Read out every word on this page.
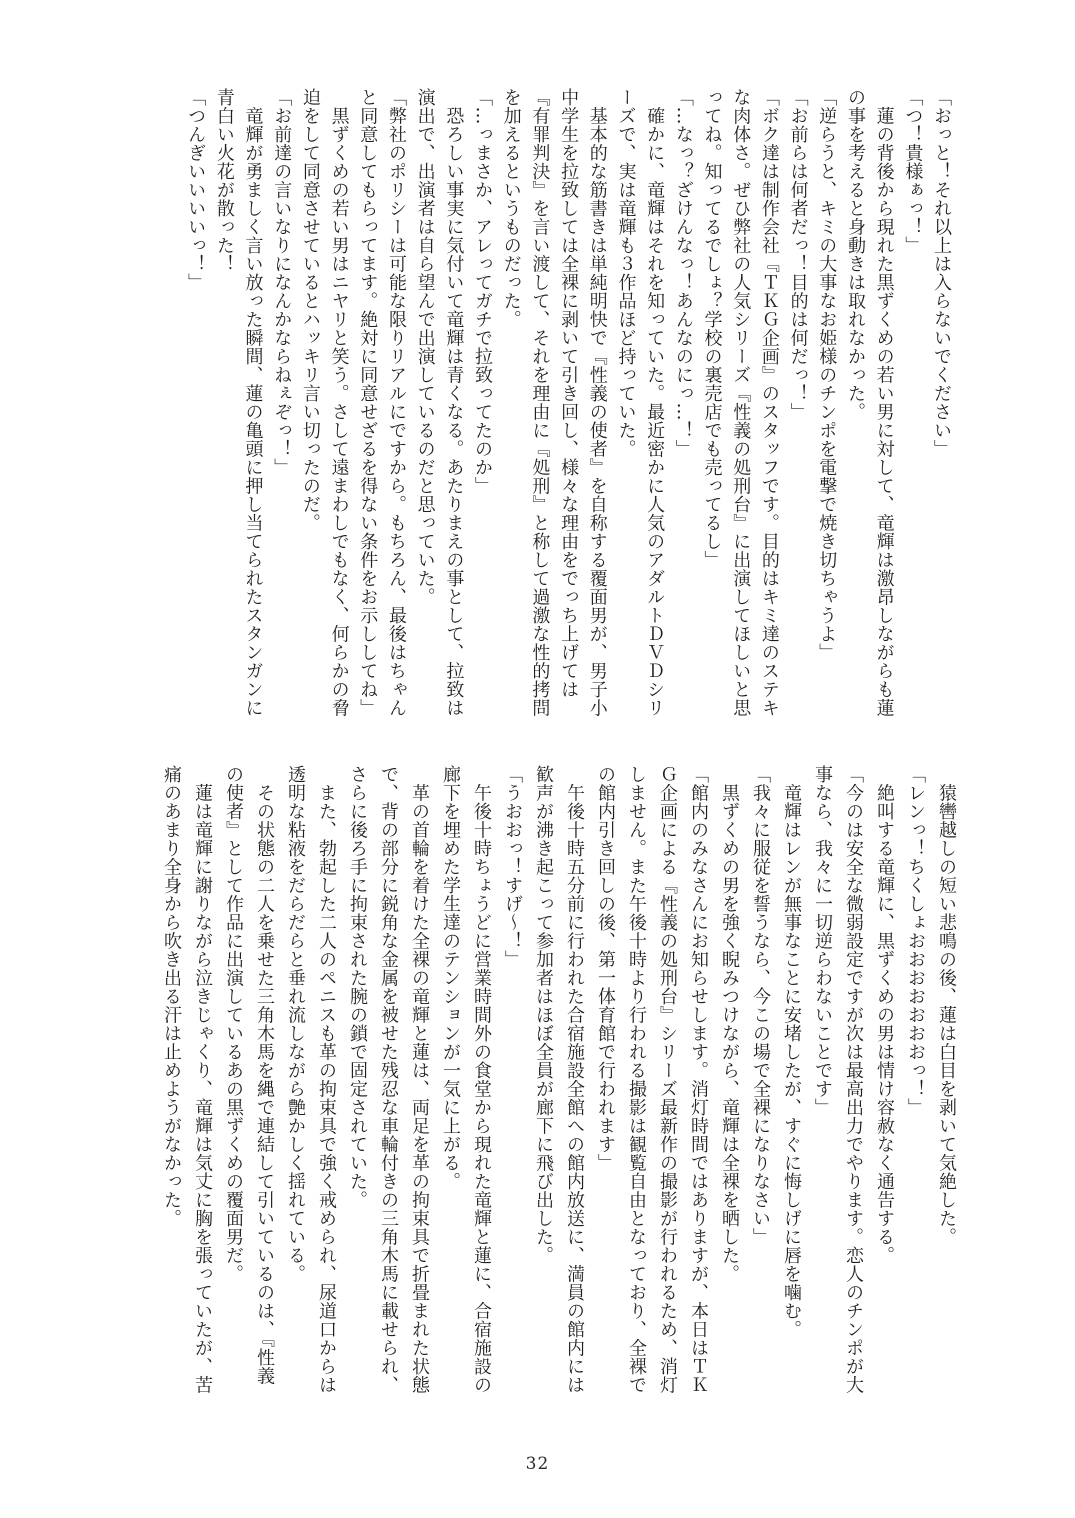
「おっと！それ以上は入らないでください」
「つ！貴様ぁっ！」
　蓮の背後から現れた黒ずくめの若い男に対して、竜輝は激昂しながらも蓮
の事を考えると身動きは取れなかった。
「逆らうと、キミの大事なお姫様のチンポを電撃で焼き切ちゃうよ」
「お前らは何者だっ！目的は何だっ！」
「ボク達は制作会社『ＴＫＧ企画』のスタッフです。目的はキミ達のステキ
な肉体さ。ぜひ弊社の人気シリーズ『性義の処刑台』に出演してほしいと思
ってね。知ってるでしょ？学校の裏売店でも売ってるし」
「…なっ？ざけんなっ！あんなのにっ…！」
　確かに、竜輝はそれを知っていた。最近密かに人気のアダルトＤＶＤシリ
ーズで、実は竜輝も３作品ほど持っていた。
　基本的な筋書きは単純明快で『性義の使者』を自称する覆面男が、男子小
中学生を拉致しては全裸に剥いて引き回し、様々な理由をでっち上げては
『有罪判決』を言い渡して、それを理由に『処刑』と称して過激な性的拷問
を加えるというものだった。
「…っまさか、アレってガチで拉致ってたのか」
　恐ろしい事実に気付いて竜輝は青くなる。あたりまえの事として、拉致は
演出で、出演者は自ら望んで出演しているのだと思っていた。
「弊社のポリシーは可能な限りリアルにですから。もちろん、最後はちゃん
と同意してもらってます。絶対に同意せざるを得ない条件をお示ししてね」
　黒ずくめの若い男はニヤリと笑う。さして遠まわしでもなく、何らかの脅
迫をして同意させているとハッキリ言い切ったのだ。
「お前達の言いなりになんかならねぇぞっ！」
　竜輝が勇ましく言い放った瞬間、蓮の亀頭に押し当てられたスタンガンに
青白い火花が散った！
「つんぎいいいいっ！」
　猿轡越しの短い悲鳴の後、蓮は白目を剥いて気絶した。
「レンっ！ちくしょおおおおおおおっ！」
　絶叫する竜輝に、黒ずくめの男は情け容赦なく通告する。
「今のは安全な微弱設定ですが次は最高出力でやります。恋人のチンポが大
事なら、我々に一切逆らわないことです」
　竜輝はレンが無事なことに安堵したが、すぐに悔しげに唇を噛む。
「我々に服従を誓うなら、今この場で全裸になりなさい」
　黒ずくめの男を強く睨みつけながら、竜輝は全裸を晒した。
「館内のみなさんにお知らせします。消灯時間ではありますが、本日はＴＫ
Ｇ企画による『性義の処刑台』シリーズ最新作の撮影が行われるため、消灯
しません。また午後十時より行われる撮影は観覧自由となっており、全裸で
の館内引き回しの後、第一体育館で行われます」
　午後十時五分前に行われた合宿施設全館への館内放送に、満員の館内には
歓声が沸き起こって参加者はほぼ全員が廊下に飛び出した。
「うおおっ！すげ〜！」
　午後十時ちょうどに営業時間外の食堂から現れた竜輝と蓮に、合宿施設の
廊下を埋めた学生達のテンションが一気に上がる。
　革の首輪を着けた全裸の竜輝と蓮は、両足を革の拘束具で折畳まれた状態
で、背の部分に鋭角な金属を被せた残忍な車輪付きの三角木馬に載せられ、
さらに後ろ手に拘束された腕の鎖で固定されていた。
　また、勃起した二人のペニスも革の拘束具で強く戒められ、尿道口からは
透明な粘液をだらだらと垂れ流しながら艶かしく揺れている。
　その状態の二人を乗せた三角木馬を縄で連結して引いているのは、『性義
の使者』として作品に出演しているあの黒ずくめの覆面男だ。
　蓮は竜輝に謝りながら泣きじゃくり、竜輝は気丈に胸を張っていたが、苦
痛のあまり全身から吹き出る汗は止めようがなかった。
32
